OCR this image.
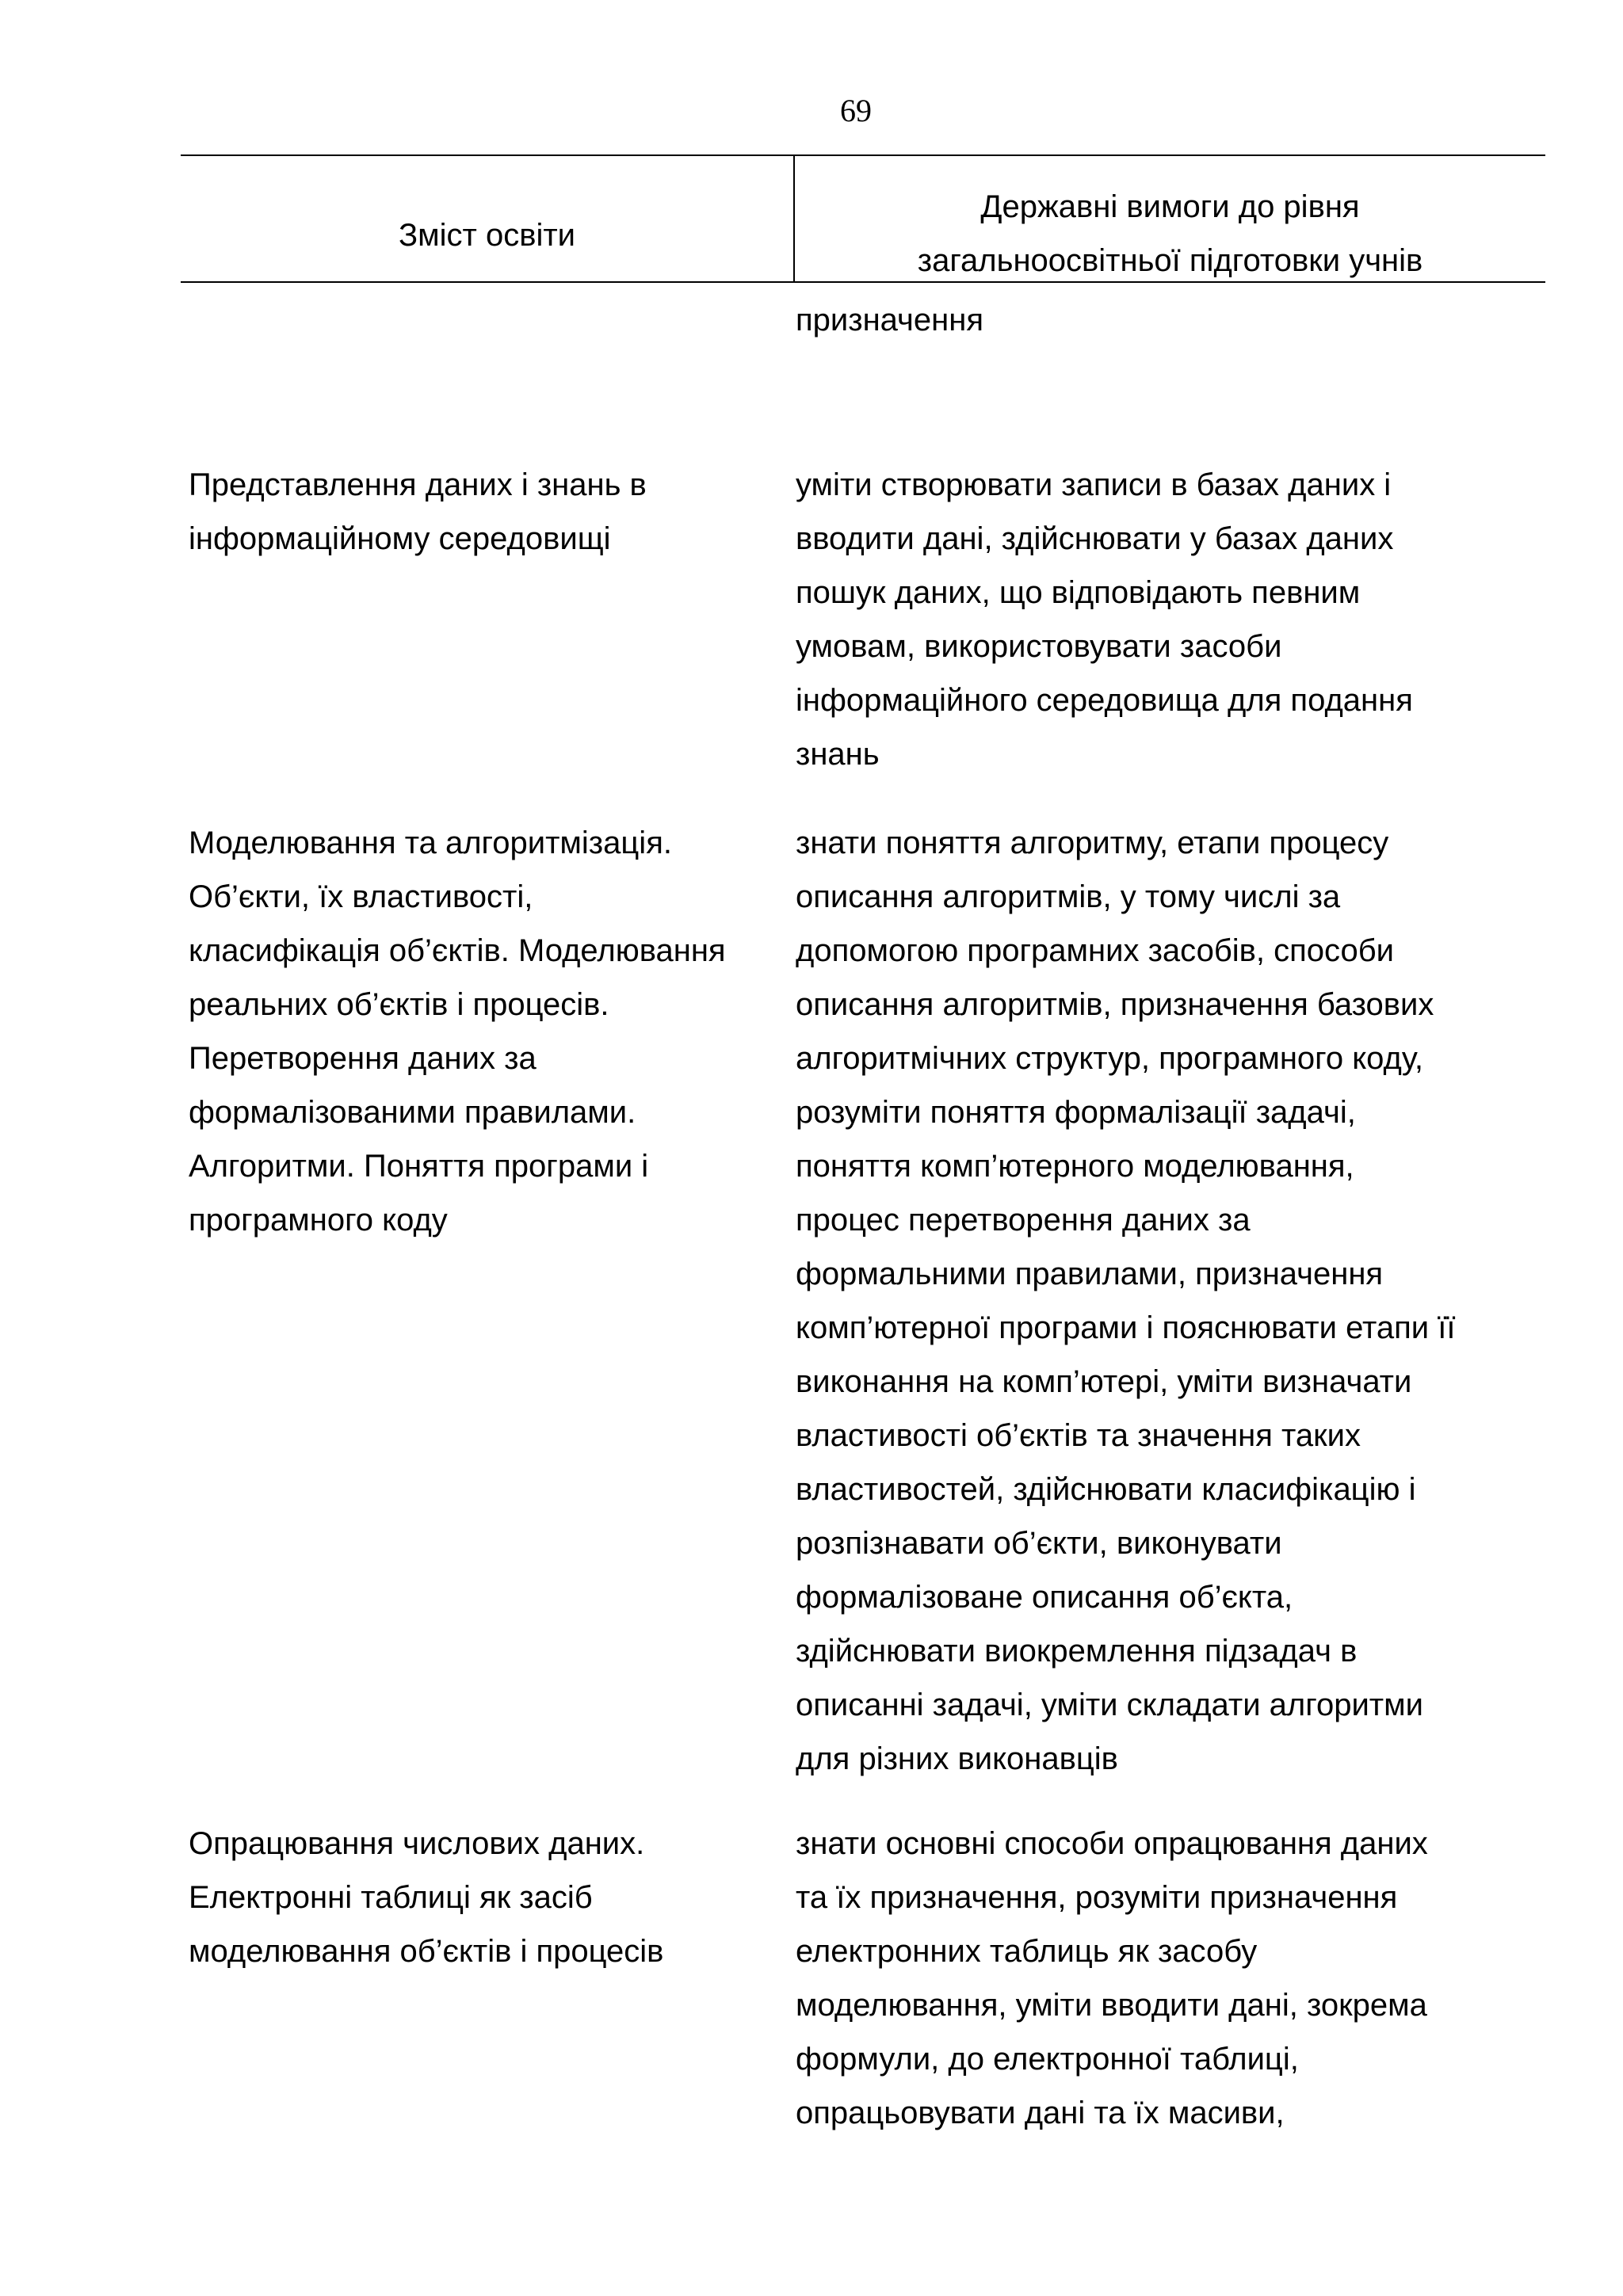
69
Зміст освіти
Державні вимоги до рівня
загальноосвітньої підготовки учнів
призначення
Представлення даних і знань в
інформаційному середовищі
уміти створювати записи в базах даних і
вводити дані, здійснювати у базах даних
пошук даних, що відповідають певним
умовам, використовувати засоби
інформаційного середовища для подання
знань
Моделювання та алгоритмізація.
Об’єкти, їх властивості,
класифікація об’єктів. Моделювання
реальних об’єктів і процесів.
Перетворення даних за
формалізованими правилами.
Алгоритми. Поняття програми і
програмного коду
знати поняття алгоритму, етапи процесу
описання алгоритмів, у тому числі за
допомогою програмних засобів, способи
описання алгоритмів, призначення базових
алгоритмічних структур, програмного коду,
розуміти поняття формалізації задачі,
поняття комп’ютерного моделювання,
процес перетворення даних за
формальними правилами, призначення
комп’ютерної програми і пояснювати етапи її
виконання на комп’ютері, уміти визначати
властивості об’єктів та значення таких
властивостей, здійснювати класифікацію і
розпізнавати об’єкти, виконувати
формалізоване описання об’єкта,
здійснювати виокремлення підзадач в
описанні задачі, уміти складати алгоритми
для різних виконавців
Опрацювання числових даних.
Електронні таблиці як засіб
моделювання об’єктів і процесів
знати основні способи опрацювання даних
та їх призначення, розуміти призначення
електронних таблиць як засобу
моделювання, уміти вводити дані, зокрема
формули, до електронної таблиці,
опрацьовувати дані та їх масиви,
